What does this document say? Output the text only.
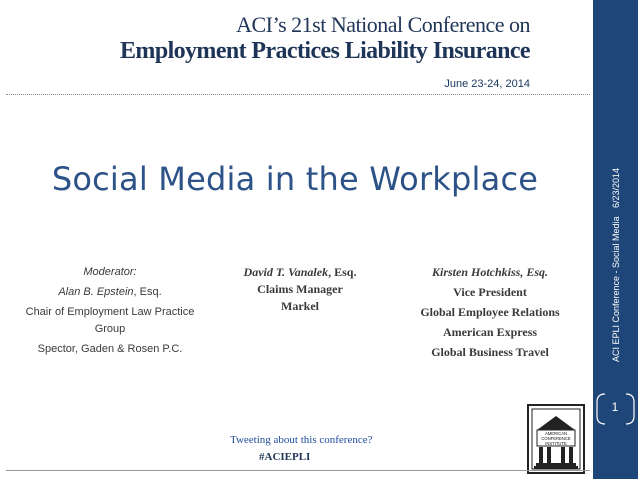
ACI’s 21st National Conference on
Employment Practices Liability Insurance
June 23-24, 2014
Social Media in the Workplace
Moderator:
Alan B. Epstein, Esq.
Chair of Employment Law Practice Group
Spector, Gaden & Rosen P.C.
David T. Vanalek, Esq.
Claims Manager
Markel
Kirsten Hotchkiss, Esq.
Vice President
Global Employee Relations
American Express
Global Business Travel
Tweeting about this conference?
#ACIEPLI
AMERICAN
CONFERENCE
INSTITUTE
6/23/2014
ACI EPLI Conference - Social Media
1
